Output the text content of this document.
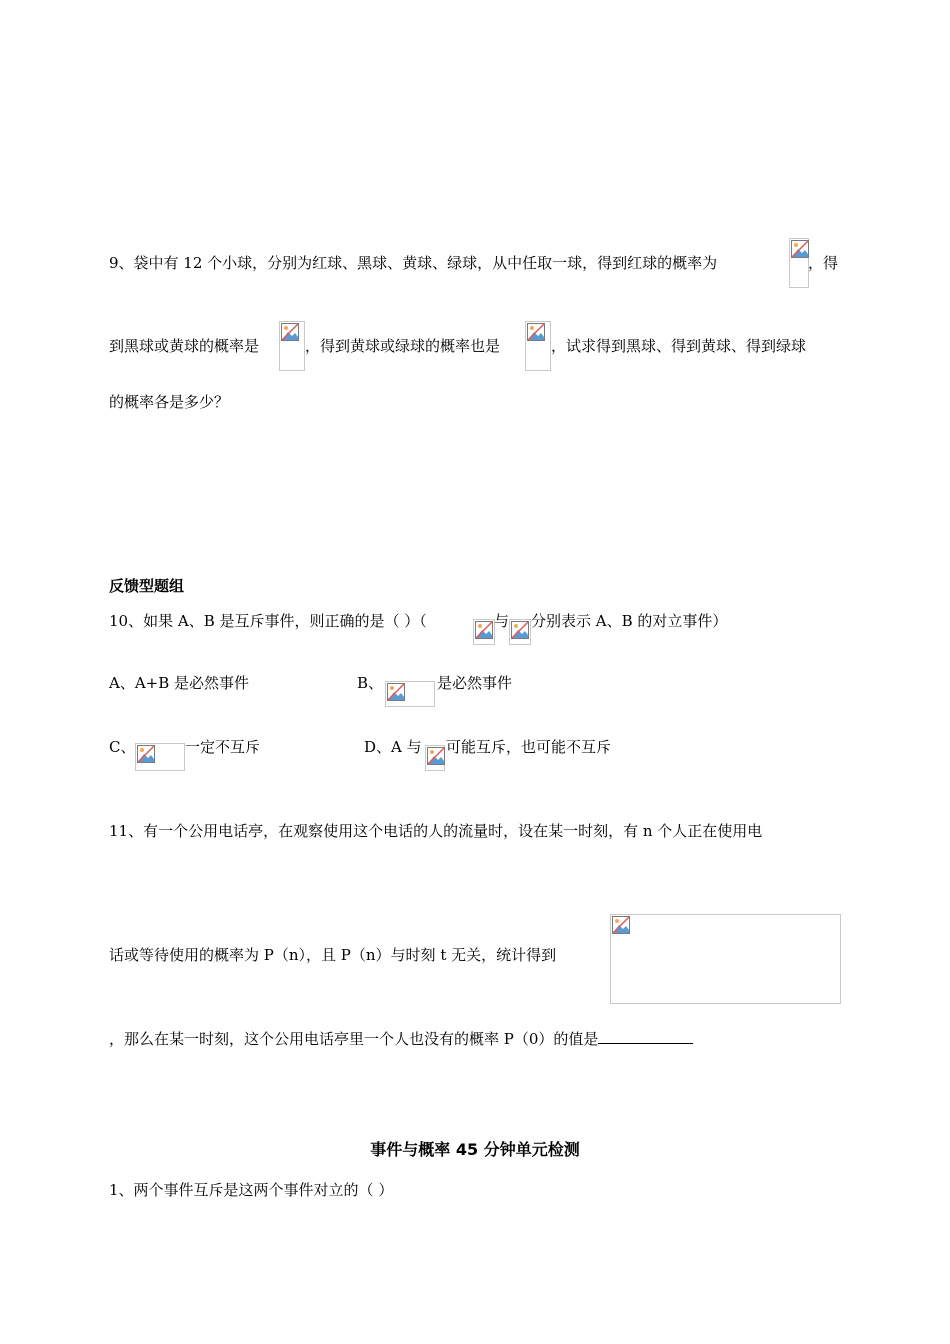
9、袋中有 12 个小球，分别为红球、黑球、黄球、绿球，从中任取一球，得到红球的概率为	，得
到黑球或黄球的概率是	，得到黄球或绿球的概率也是	，试求得到黑球、得到黄球、得到绿球
的概率各是多少？
反馈型题组
10、如果 A、B 是互斥事件，则正确的是（ ）（	与 分别表示 A、B 的对立事件）
A、A+B 是必然事件	B、	是必然事件
C、	一定不互斥	D、A 与 可能互斥，也可能不互斥
11、有一个公用电话亭，在观察使用这个电话的人的流量时，设在某一时刻，有 n 个人正在使用电
话或等待使用的概率为 P（n），且 P（n）与时刻 t 无关，统计得到
，那么在某一时刻，这个公用电话亭里一个人也没有的概率 P（0）的值是
事件与概率 45 分钟单元检测
1、两个事件互斥是这两个事件对立的（ ）
